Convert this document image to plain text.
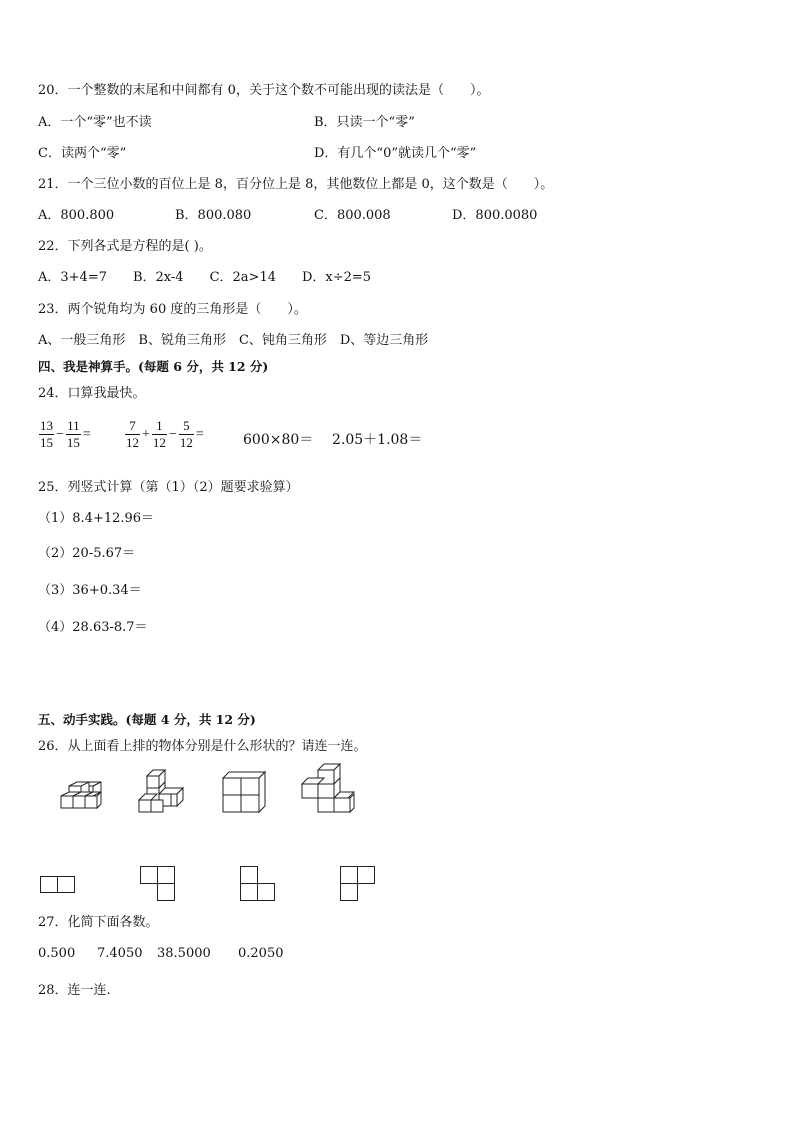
20．一个整数的末尾和中间都有 0，关于这个数不可能出现的读法是（　　）。
A．一个“零”也不读	B．只读一个“零”
C．读两个“零”	D．有几个“0”就读几个“零”
21．一个三位小数的百位上是 8，百分位上是 8，其他数位上都是 0，这个数是（　　）。
A．800.800	B．800.080	C．800.008	D．800.0080
22．下列各式是方程的是( )。
A．3+4=7　　B．2x-4　　C．2a>14　　D．x÷2=5
23．两个锐角均为 60 度的三角形是（　　）。
A、一般三角形　B、锐角三角形　C、钝角三角形　D、等边三角形
四、我是神算手。(每题 6 分，共 12 分)
24．口算我最快。
$\frac{13}{15} - \frac{11}{15}$ =	$\frac{7}{12} + \frac{1}{12} - \frac{5}{12}$ =	600×80＝ 2.05＋1.08＝
25．列竖式计算（第（1）（2）题要求验算）
（1）8.4+12.96＝
（2）20-5.67＝
（3）36+0.34＝
（4）28.63-8.7＝
五、动手实践。(每题 4 分，共 12 分)
26．从上面看上排的物体分别是什么形状的？请连一连。
27．化简下面各数。
0.500 7.4050 38.5000 0.2050
28．连一连.
